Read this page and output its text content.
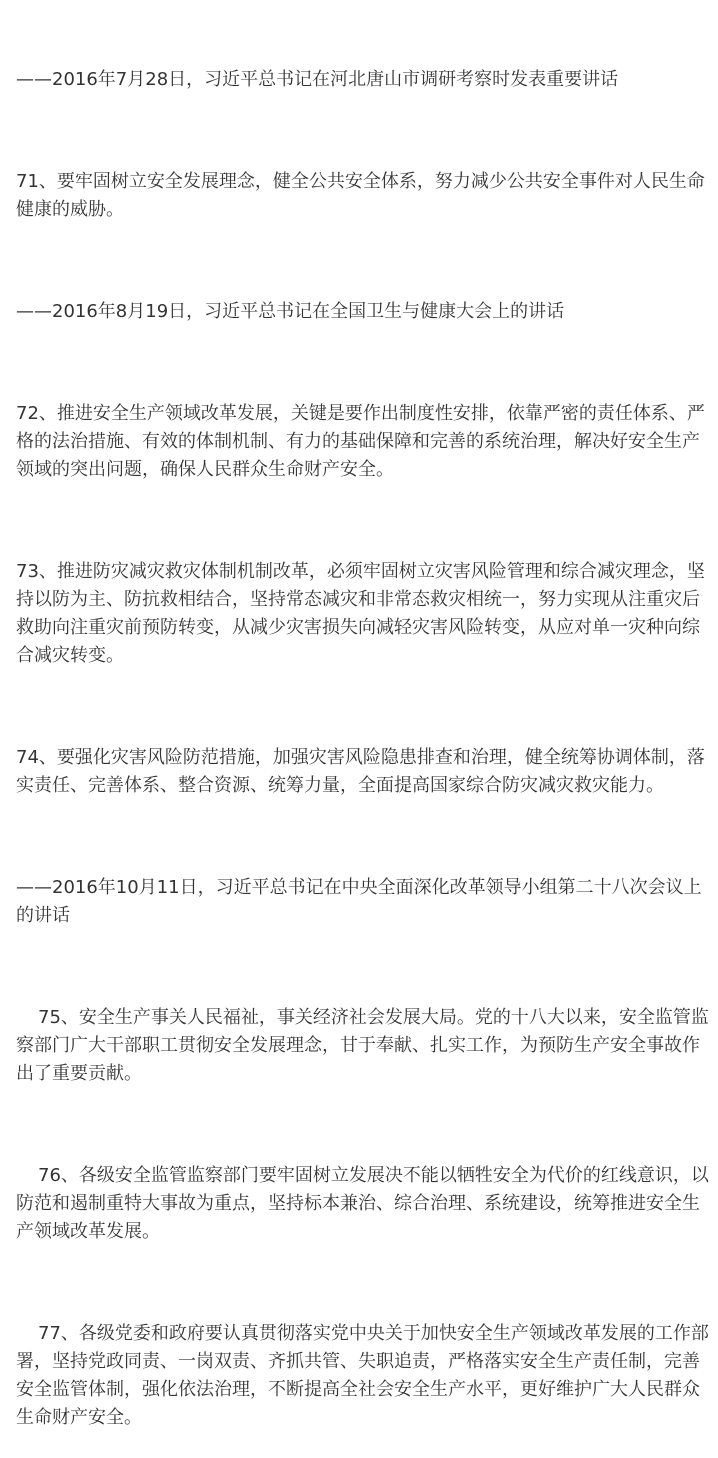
——2016年7月28日，习近平总书记在河北唐山市调研考察时发表重要讲话

71、要牢固树立安全发展理念，健全公共安全体系，努力减少公共安全事件对人民生命健康的威胁。

——2016年8月19日，习近平总书记在全国卫生与健康大会上的讲话

72、推进安全生产领域改革发展，关键是要作出制度性安排，依靠严密的责任体系、严格的法治措施、有效的体制机制、有力的基础保障和完善的系统治理，解决好安全生产领域的突出问题，确保人民群众生命财产安全。

73、推进防灾减灾救灾体制机制改革，必须牢固树立灾害风险管理和综合减灾理念，坚持以防为主、防抗救相结合，坚持常态减灾和非常态救灾相统一，努力实现从注重灾后救助向注重灾前预防转变，从减少灾害损失向减轻灾害风险转变，从应对单一灾种向综合减灾转变。

74、要强化灾害风险防范措施，加强灾害风险隐患排查和治理，健全统筹协调体制，落实责任、完善体系、整合资源、统筹力量，全面提高国家综合防灾减灾救灾能力。

——2016年10月11日，习近平总书记在中央全面深化改革领导小组第二十八次会议上的讲话

75、安全生产事关人民福祉，事关经济社会发展大局。党的十八大以来，安全监管监察部门广大干部职工贯彻安全发展理念，甘于奉献、扎实工作，为预防生产安全事故作出了重要贡献。

76、各级安全监管监察部门要牢固树立发展决不能以牺牲安全为代价的红线意识，以防范和遏制重特大事故为重点，坚持标本兼治、综合治理、系统建设，统筹推进安全生产领域改革发展。

77、各级党委和政府要认真贯彻落实党中央关于加快安全生产领域改革发展的工作部署，坚持党政同责、一岗双责、齐抓共管、失职追责，严格落实安全生产责任制，完善安全监管体制，强化依法治理，不断提高全社会安全生产水平，更好维护广大人民群众生命财产安全。
